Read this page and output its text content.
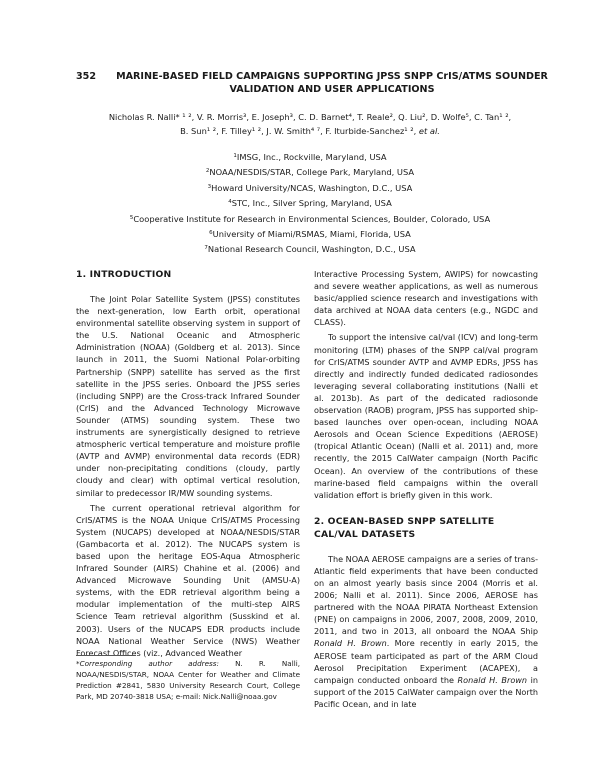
352	MARINE-BASED FIELD CAMPAIGNS SUPPORTING JPSS SNPP CrIS/ATMS SOUNDER VALIDATION AND USER APPLICATIONS
Nicholas R. Nalli* ¹ ², V. R. Morris³, E. Joseph³, C. D. Barnet⁴, T. Reale², Q. Liu², D. Wolfe⁵, C. Tan¹ ²,
B. Sun¹ ², F. Tilley¹ ², J. W. Smith⁴ ⁷, F. Iturbide-Sanchez¹ ², et al.
$^1$IMSG, Inc., Rockville, Maryland, USA
$^2$NOAA/NESDIS/STAR, College Park, Maryland, USA
$^3$Howard University/NCAS, Washington, D.C., USA
$^4$STC, Inc., Silver Spring, Maryland, USA
$^5$Cooperative Institute for Research in Environmental Sciences, Boulder, Colorado, USA
$^6$University of Miami/RSMAS, Miami, Florida, USA
$^7$National Research Council, Washington, D.C., USA
1. INTRODUCTION

The Joint Polar Satellite System (JPSS) constitutes the next-generation, low Earth orbit, operational environmental satellite observing system in support of the U.S. National Oceanic and Atmospheric Administration (NOAA) (Goldberg et al. 2013). Since launch in 2011, the Suomi National Polar-orbiting Partnership (SNPP) satellite has served as the first satellite in the JPSS series. Onboard the JPSS series (including SNPP) are the Cross-track Infrared Sounder (CrIS) and the Advanced Technology Microwave Sounder (ATMS) sounding system. These two instruments are synergistically designed to retrieve atmospheric vertical temperature and moisture profile (AVTP and AVMP) environmental data records (EDR) under non-precipitating conditions (cloudy, partly cloudy and clear) with optimal vertical resolution, similar to predecessor IR/MW sounding systems.

The current operational retrieval algorithm for CrIS/ATMS is the NOAA Unique CrIS/ATMS Processing System (NUCAPS) developed at NOAA/NESDIS/STAR (Gambacorta et al. 2012). The NUCAPS system is based upon the heritage EOS-Aqua Atmospheric Infrared Sounder (AIRS) Chahine et al. (2006) and Advanced Microwave Sounding Unit (AMSU-A) systems, with the EDR retrieval algorithm being a modular implementation of the multi-step AIRS Science Team retrieval algorithm (Susskind et al. 2003). Users of the NUCAPS EDR products include NOAA National Weather Service (NWS) Weather Forecast Offices (viz., Advanced Weather

*Corresponding author address: N. R. Nalli, NOAA/NESDIS/STAR, NOAA Center for Weather and Climate Prediction #2841, 5830 University Research Court, College Park, MD 20740-3818 USA; e-mail: Nick.Nalli@noaa.gov

Interactive Processing System, AWIPS) for nowcasting and severe weather applications, as well as numerous basic/applied science research and investigations with data archived at NOAA data centers (e.g., NGDC and CLASS).

To support the intensive cal/val (ICV) and long-term monitoring (LTM) phases of the SNPP cal/val program for CrIS/ATMS sounder AVTP and AVMP EDRs, JPSS has directly and indirectly funded dedicated radiosondes leveraging several collaborating institutions (Nalli et al. 2013b). As part of the dedicated radiosonde observation (RAOB) program, JPSS has supported ship-based launches over open-ocean, including NOAA Aerosols and Ocean Science Expeditions (AEROSE) (tropical Atlantic Ocean) (Nalli et al. 2011) and, more recently, the 2015 CalWater campaign (North Pacific Ocean). An overview of the contributions of these marine-based field campaigns within the overall validation effort is briefly given in this work.

2. OCEAN-BASED SNPP SATELLITE CAL/VAL DATASETS

The NOAA AEROSE campaigns are a series of trans-Atlantic field experiments that have been conducted on an almost yearly basis since 2004 (Morris et al. 2006; Nalli et al. 2011). Since 2006, AEROSE has partnered with the NOAA PIRATA Northeast Extension (PNE) on campaigns in 2006, 2007, 2008, 2009, 2010, 2011, and two in 2013, all onboard the NOAA Ship Ronald H. Brown. More recently in early 2015, the AEROSE team participated as part of the ARM Cloud Aerosol Precipitation Experiment (ACAPEX), a campaign conducted onboard the Ronald H. Brown in support of the 2015 CalWater campaign over the North Pacific Ocean, and in late
